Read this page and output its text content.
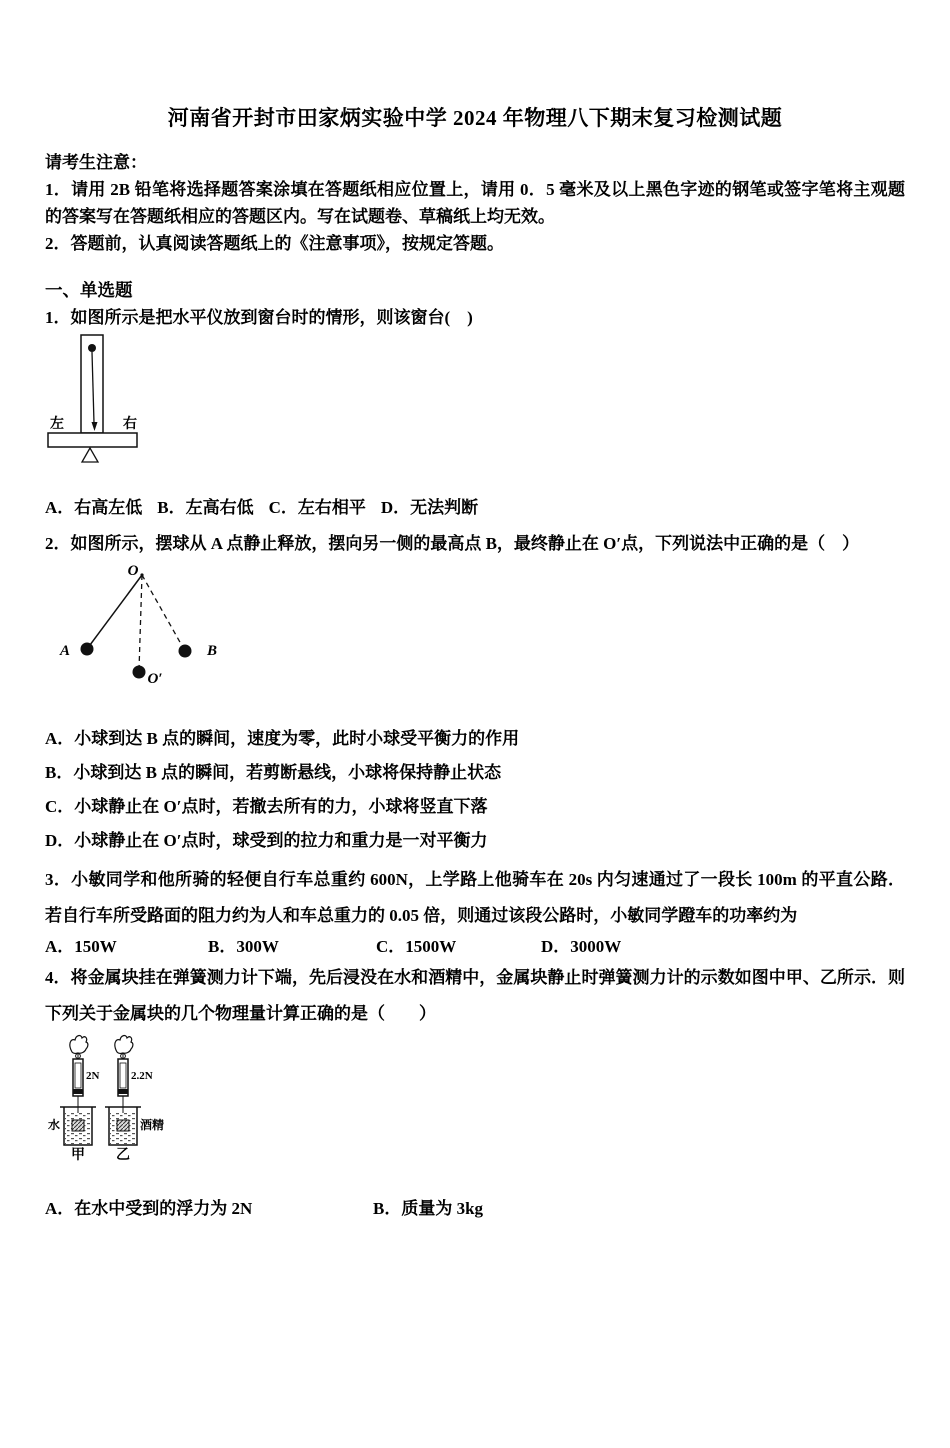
河南省开封市田家炳实验中学 2024 年物理八下期末复习检测试题

请考生注意：

1．请用 2B 铅笔将选择题答案涂填在答题纸相应位置上，请用 0．5 毫米及以上黑色字迹的钢笔或签字笔将主观题的答案写在答题纸相应的答题区内。写在试题卷、草稿纸上均无效。

2．答题前，认真阅读答题纸上的《注意事项》，按规定答题。

一、单选题

1．如图所示是把水平仪放到窗台时的情形，则该窗台(　)

左	右
A．右高左低 B．左高右低 C．左右相平 D．无法判断

2．如图所示，摆球从 A 点静止释放，摆向另一侧的最高点 B，最终静止在 O′点，下列说法中正确的是（　）

O
A	B
O′

A．小球到达 B 点的瞬间，速度为零，此时小球受平衡力的作用

B．小球到达 B 点的瞬间，若剪断悬线，小球将保持静止状态

C．小球静止在 O′点时，若撤去所有的力，小球将竖直下落

D．小球静止在 O′点时，球受到的拉力和重力是一对平衡力

3．小敏同学和他所骑的轻便自行车总重约 600N，上学路上他骑车在 20s 内匀速通过了一段长 100m 的平直公路．若自行车所受路面的阻力约为人和车总重力的 0.05 倍，则通过该段公路时，小敏同学蹬车的功率约为

A．150W	B．300W	C．1500W	D．3000W

4．将金属块挂在弹簧测力计下端，先后浸没在水和酒精中，金属块静止时弹簧测力计的示数如图中甲、乙所示．则下列关于金属块的几个物理量计算正确的是（　　）

2N
水
甲
2.2N
酒精
乙
A．在水中受到的浮力为 2N	B．质量为 3kg
